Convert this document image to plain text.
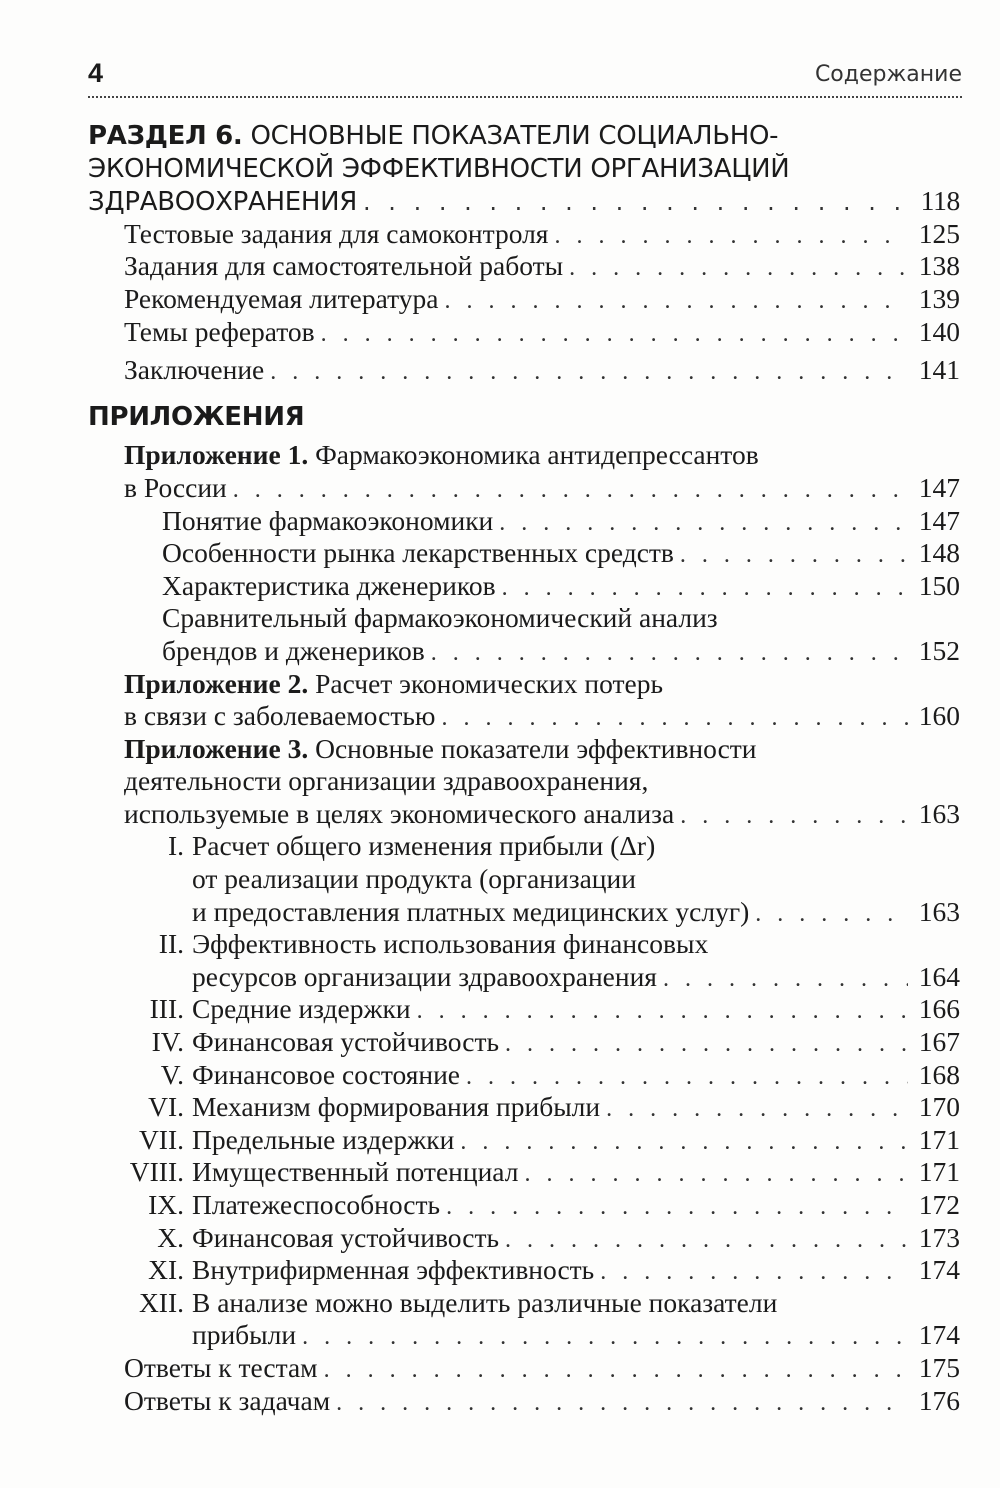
4	Содержание
РАЗДЕЛ 6. ОСНОВНЫЕ ПОКАЗАТЕЛИ СОЦИАЛЬНО-
ЭКОНОМИЧЕСКОЙ ЭФФЕКТИВНОСТИ ОРГАНИЗАЦИЙ
ЗДРАВООХРАНЕНИЯ . . .	118
Тестовые задания для самоконтроля . . .	125
Задания для самостоятельной работы . . .	138
Рекомендуемая литература . . .	139
Темы рефератов . . .	140
Заключение . . .	141
ПРИЛОЖЕНИЯ
Приложение 1. Фармакоэкономика антидепрессантов
в России . . .	147
Понятие фармакоэкономики . . .	147
Особенности рынка лекарственных средств . . .	148
Характеристика дженериков . . .	150
Сравнительный фармакоэкономический анализ
брендов и дженериков . . .	152
Приложение 2. Расчет экономических потерь
в связи с заболеваемостью . . .	160
Приложение 3. Основные показатели эффективности
деятельности организации здравоохранения,
используемые в целях экономического анализа . . .	163
I. Расчет общего изменения прибыли (Δr)
от реализации продукта (организации
и предоставления платных медицинских услуг) . . .	163
II. Эффективность использования финансовых
ресурсов организации здравоохранения . . .	164
III. Средние издержки . . .	166
IV. Финансовая устойчивость . . .	167
V. Финансовое состояние . . .	168
VI. Механизм формирования прибыли . . .	170
VII. Предельные издержки . . .	171
VIII. Имущественный потенциал . . .	171
IX. Платежеспособность . . .	172
X. Финансовая устойчивость . . .	173
XI. Внутрифирменная эффективность . . .	174
XII. В анализе можно выделить различные показатели
прибыли . . .	174
Ответы к тестам . . .	175
Ответы к задачам . . .	176
